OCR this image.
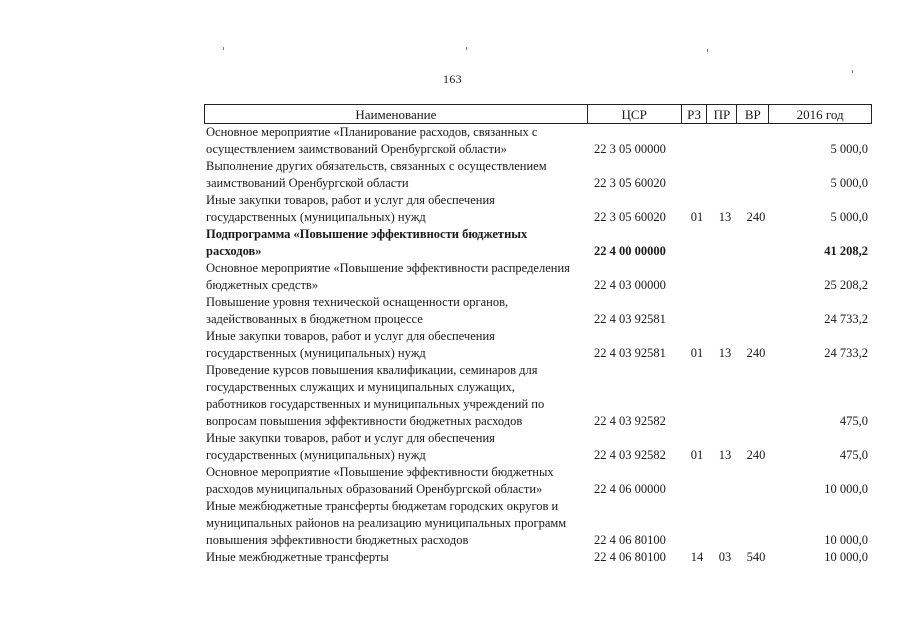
163
Наименование	ЦСР	РЗ ПР	ВР	2016 год
Основное мероприятие «Планирование расходов, связанных с
осуществлением заимствований Оренбургской области»	22 3 05 00000	5 000,0
Выполнение других обязательств, связанных с осуществлением
заимствований Оренбургской области	22 3 05 60020	5 000,0
Иные закупки товаров, работ и услуг для обеспечения
государственных (муниципальных) нужд	22 3 05 60020	01	13	240	5 000,0
Подпрограмма «Повышение эффективности бюджетных
расходов»	22 4 00 00000	41 208,2
Основное мероприятие «Повышение эффективности распределения
бюджетных средств»	22 4 03 00000	25 208,2
Повышение уровня технической оснащенности органов,
задействованных в бюджетном процессе	22 4 03 92581	24 733,2
Иные закупки товаров, работ и услуг для обеспечения
государственных (муниципальных) нужд	22 4 03 92581	01	13	240	24 733,2
Проведение курсов повышения квалификации, семинаров для
государственных служащих и муниципальных служащих,
работников государственных и муниципальных учреждений по
вопросам повышения эффективности бюджетных расходов	22 4 03 92582	475,0
Иные закупки товаров, работ и услуг для обеспечения
государственных (муниципальных) нужд	22 4 03 92582	01	13	240	475,0
Основное мероприятие «Повышение эффективности бюджетных
расходов муниципальных образований Оренбургской области»	22 4 06 00000	10 000,0
Иные межбюджетные трансферты бюджетам городских округов и
муниципальных районов на реализацию муниципальных программ
повышения эффективности бюджетных расходов	22 4 06 80100	10 000,0
Иные межбюджетные трансферты	22 4 06 80100	14	03	540	10 000,0
